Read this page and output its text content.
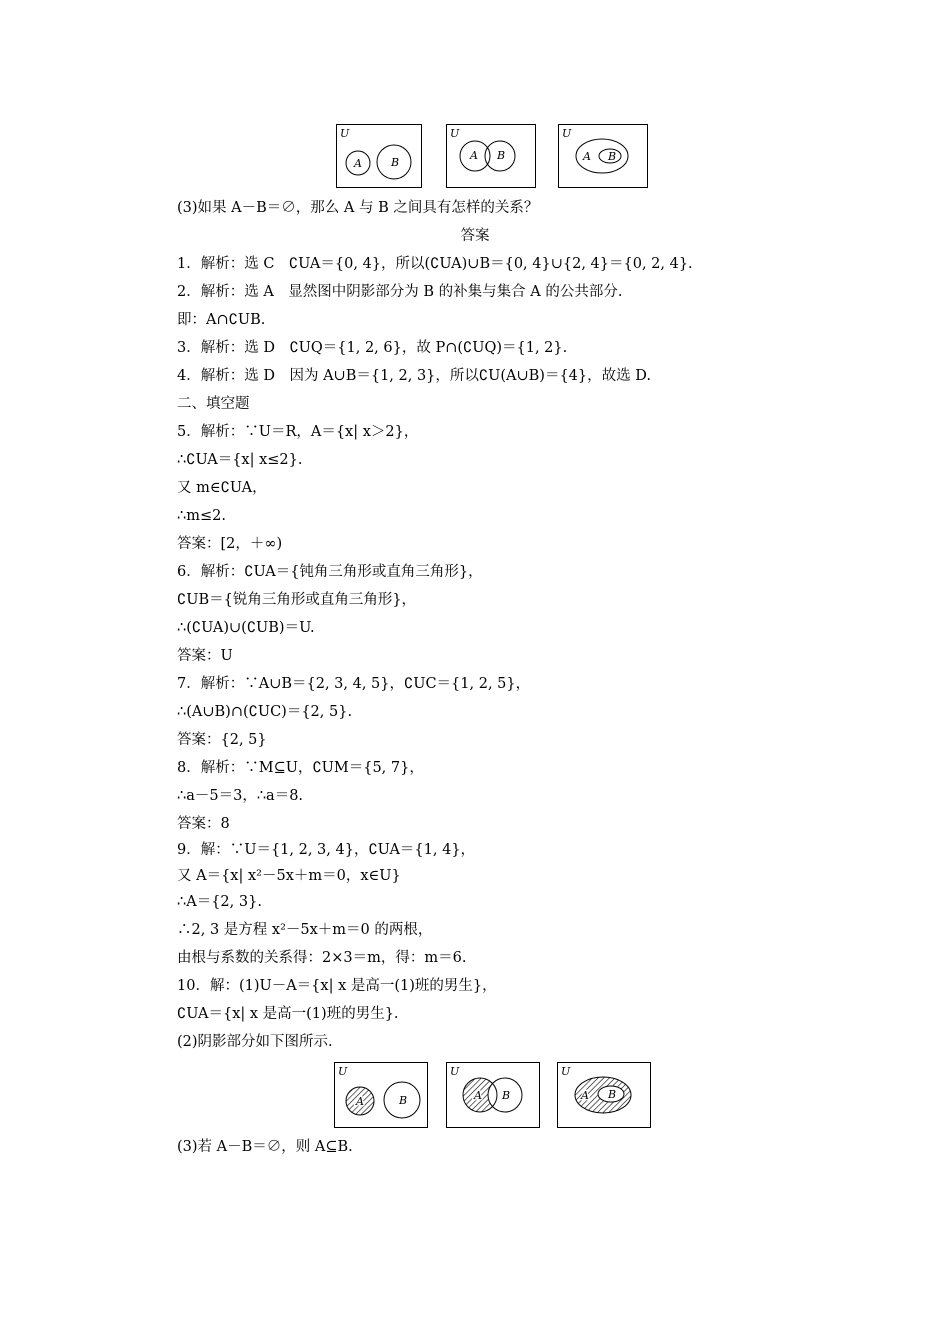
U
A	B
U
A B
U
A B
(3)如果 A－B＝∅，那么 A 与 B 之间具有怎样的关系？
答案
1．解析：选 C　∁UA＝{0, 4}，所以(∁UA)∪B＝{0, 4}∪{2, 4}＝{0, 2, 4}.
2．解析：选 A　显然图中阴影部分为 B 的补集与集合 A 的公共部分.
即：A∩∁UB.
3．解析：选 D　∁UQ＝{1, 2, 6}，故 P∩(∁UQ)＝{1, 2}.
4．解析：选 D　因为 A∪B＝{1, 2, 3}，所以∁U(A∪B)＝{4}，故选 D.
二、填空题
5．解析：∵U＝R，A＝{x| x＞2}，
∴∁UA＝{x| x≤2}.
又 m∈∁UA，
∴m≤2.
答案：[2，＋∞)
6．解析：∁UA＝{钝角三角形或直角三角形}，
∁UB＝{锐角三角形或直角三角形}，
∴(∁UA)∪(∁UB)＝U.
答案：U
7．解析：∵A∪B＝{2, 3, 4, 5}，∁UC＝{1, 2, 5}，
∴(A∪B)∩(∁UC)＝{2, 5}.
答案：{2, 5}
8．解析：∵M⊆U，∁UM＝{5, 7}，
∴a－5＝3，∴a＝8.
答案：8
9．解：∵U＝{1, 2, 3, 4}，∁UA＝{1, 4}，
又 A＝{x| x²－5x＋m＝0，x∈U}
∴A＝{2, 3}.
∴2, 3 是方程 x²－5x＋m＝0 的两根，
由根与系数的关系得：2×3＝m，得：m＝6.
10．解：(1)U－A＝{x| x 是高一(1)班的男生}，
∁UA＝{x| x 是高一(1)班的男生}.
(2)阴影部分如下图所示.
U
A	B
U
A B
U
A B
(3)若 A－B＝∅，则 A⊆B.
